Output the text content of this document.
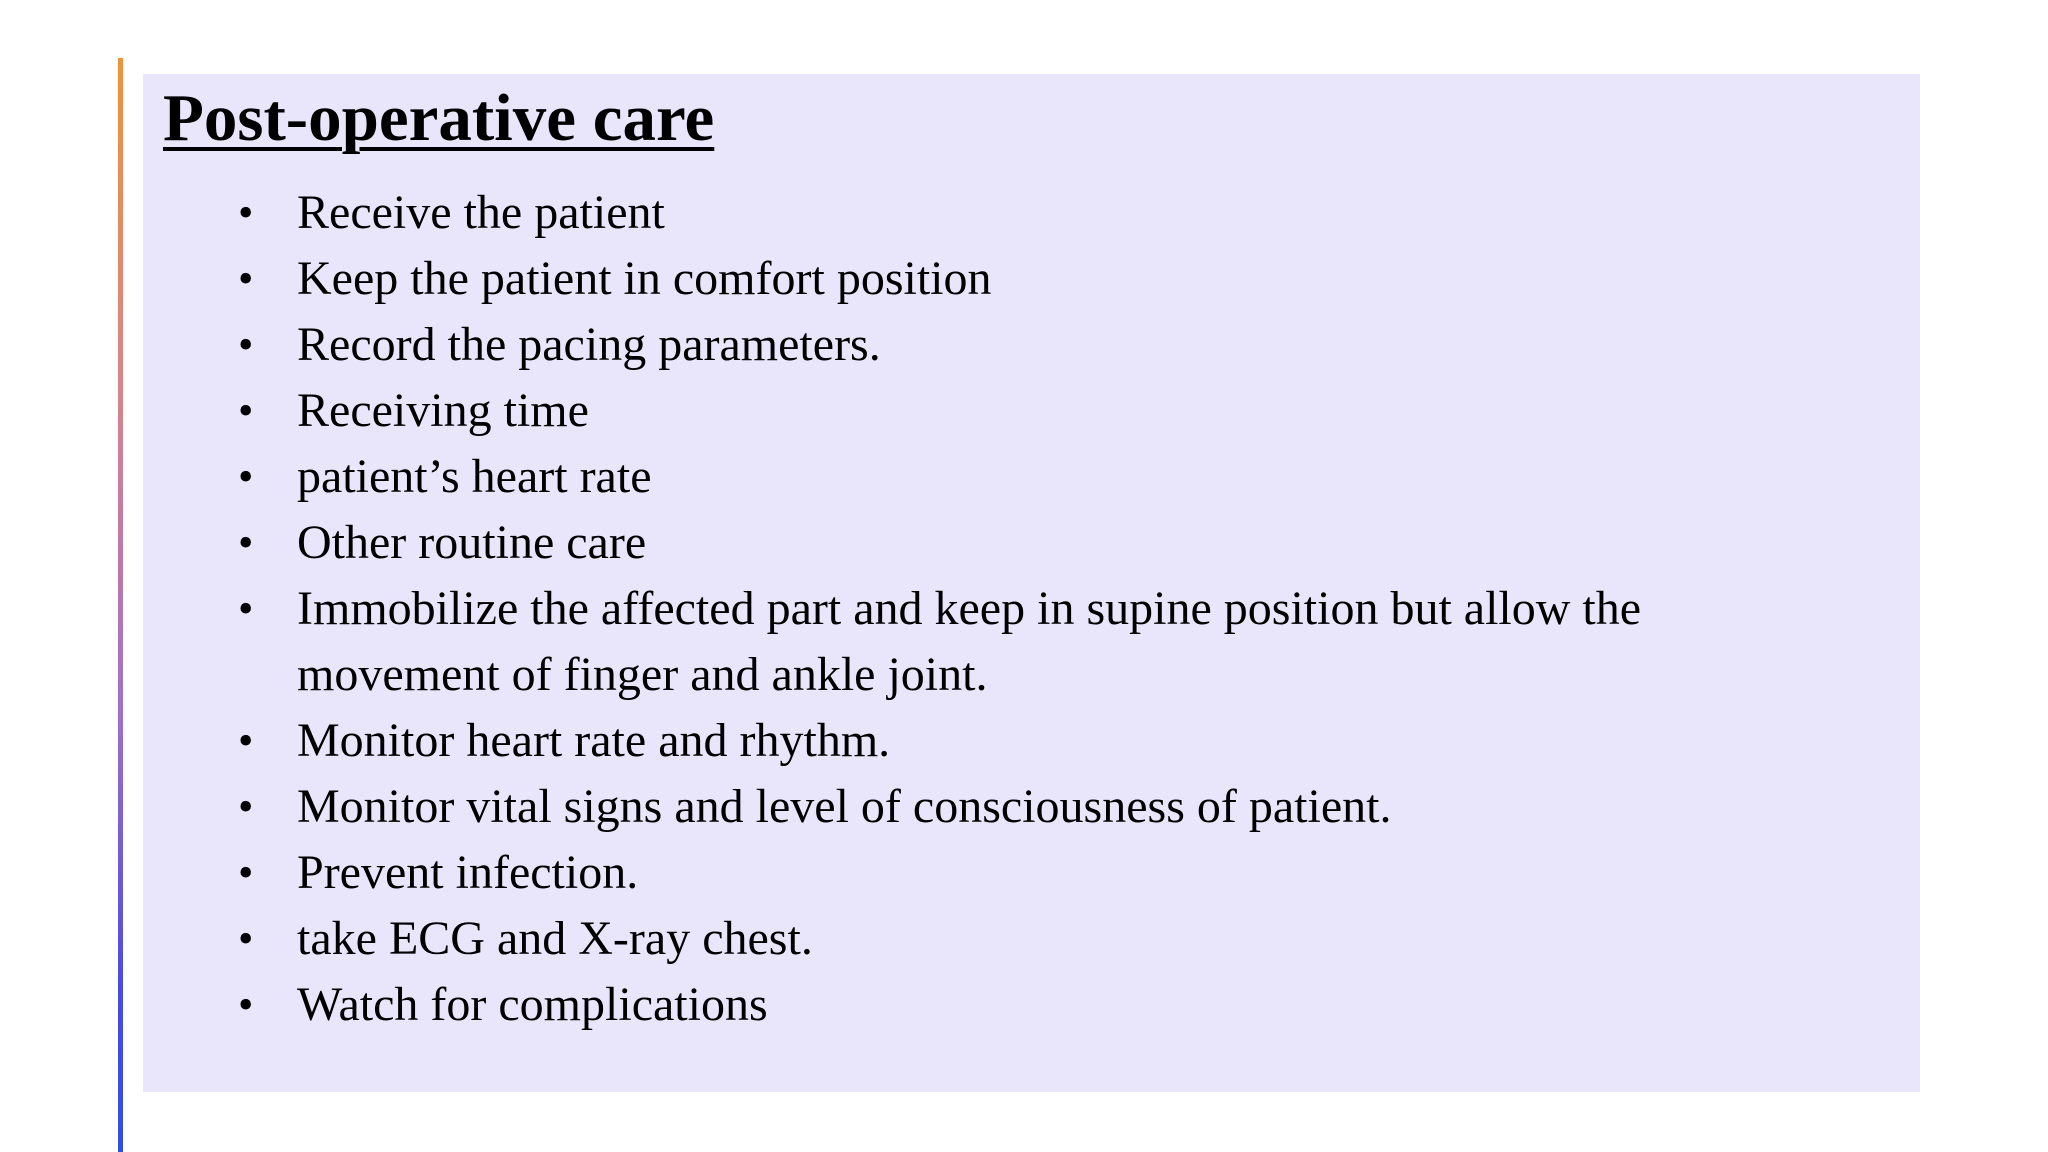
Post-operative care
• Receive the patient
• Keep the patient in comfort position
• Record the pacing parameters.
• Receiving time
• patient’s heart rate
• Other routine care
• Immobilize the affected part and keep in supine position but allow the movement of finger and ankle joint.
• Monitor heart rate and rhythm.
• Monitor vital signs and level of consciousness of patient.
• Prevent infection.
• take ECG and X-ray chest.
• Watch for complications
